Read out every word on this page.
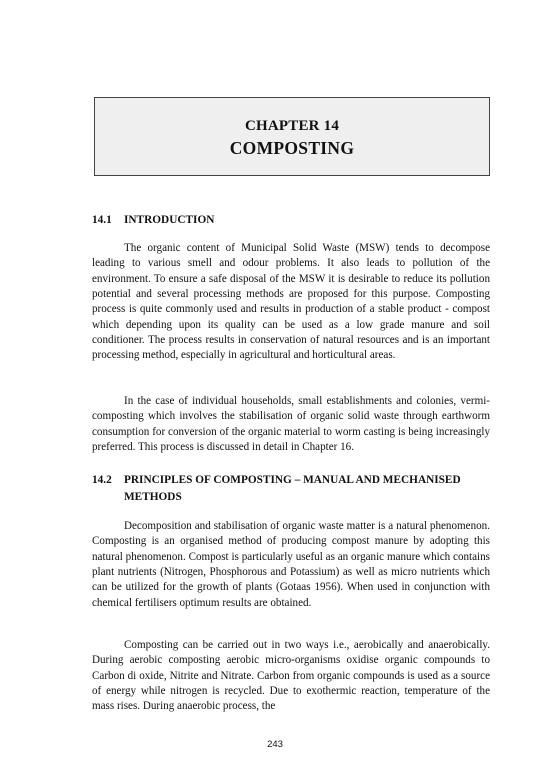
CHAPTER 14
COMPOSTING
14.1 INTRODUCTION

The organic content of Municipal Solid Waste (MSW) tends to decompose leading to various smell and odour problems. It also leads to pollution of the environment. To ensure a safe disposal of the MSW it is desirable to reduce its pollution potential and several processing methods are proposed for this purpose. Composting process is quite commonly used and results in production of a stable product - compost which depending upon its quality can be used as a low grade manure and soil conditioner. The process results in conservation of natural resources and is an important processing method, especially in agricultural and horticultural areas.

In the case of individual households, small establishments and colonies, vermi-composting which involves the stabilisation of organic solid waste through earthworm consumption for conversion of the organic material to worm casting is being increasingly preferred. This process is discussed in detail in Chapter 16.

14.2 PRINCIPLES OF COMPOSTING – MANUAL AND MECHANISED
METHODS

Decomposition and stabilisation of organic waste matter is a natural phenomenon. Composting is an organised method of producing compost manure by adopting this natural phenomenon. Compost is particularly useful as an organic manure which contains plant nutrients (Nitrogen, Phosphorous and Potassium) as well as micro nutrients which can be utilized for the growth of plants (Gotaas 1956). When used in conjunction with chemical fertilisers optimum results are obtained.

Composting can be carried out in two ways i.e., aerobically and anaerobically. During aerobic composting aerobic micro-organisms oxidise organic compounds to Carbon di oxide, Nitrite and Nitrate. Carbon from organic compounds is used as a source of energy while nitrogen is recycled. Due to exothermic reaction, temperature of the mass rises. During anaerobic process, the

243
